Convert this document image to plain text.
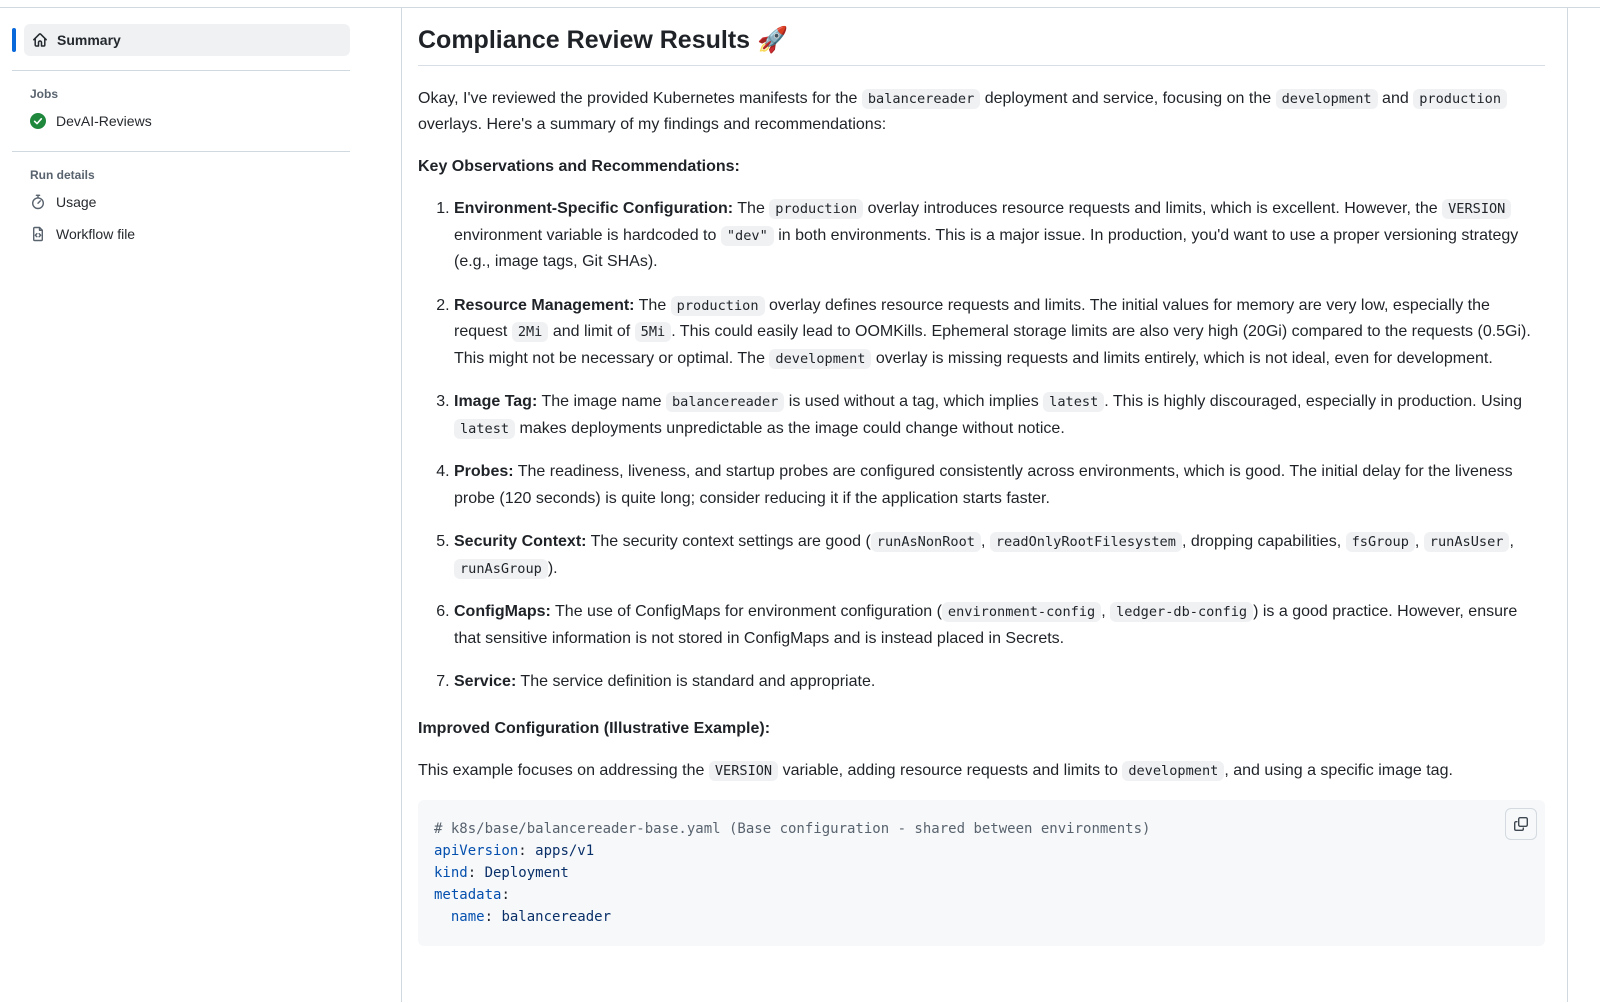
Summary
Jobs
DevAI-Reviews
Run details
Usage
Workflow file
Compliance Review Results 🚀

Okay, I've reviewed the provided Kubernetes manifests for the balancereader deployment and service, focusing on the development and production overlays. Here's a summary of my findings and recommendations:

Key Observations and Recommendations:

1. Environment-Specific Configuration: The production overlay introduces resource requests and limits, which is excellent. However, the VERSION environment variable is hardcoded to "dev" in both environments. This is a major issue. In production, you'd want to use a proper versioning strategy (e.g., image tags, Git SHAs).
2. Resource Management: The production overlay defines resource requests and limits. The initial values for memory are very low, especially the request 2Mi and limit of 5Mi . This could easily lead to OOMKills. Ephemeral storage limits are also very high (20Gi) compared to the requests (0.5Gi). This might not be necessary or optimal. The development overlay is missing requests and limits entirely, which is not ideal, even for development.
3. Image Tag: The image name balancereader is used without a tag, which implies latest . This is highly discouraged, especially in production. Using latest makes deployments unpredictable as the image could change without notice.
4. Probes: The readiness, liveness, and startup probes are configured consistently across environments, which is good. The initial delay for the liveness probe (120 seconds) is quite long; consider reducing it if the application starts faster.
5. Security Context: The security context settings are good ( runAsNonRoot , readOnlyRootFilesystem , dropping capabilities, fsGroup , runAsUser , runAsGroup ).
6. ConfigMaps: The use of ConfigMaps for environment configuration ( environment-config , ledger-db-config ) is a good practice. However, ensure that sensitive information is not stored in ConfigMaps and is instead placed in Secrets.
7. Service: The service definition is standard and appropriate.

Improved Configuration (Illustrative Example):

This example focuses on addressing the VERSION variable, adding resource requests and limits to development , and using a specific image tag.

# k8s/base/balancereader-base.yaml (Base configuration - shared between environments)
apiVersion: apps/v1
kind: Deployment
metadata:
name: balancereader
